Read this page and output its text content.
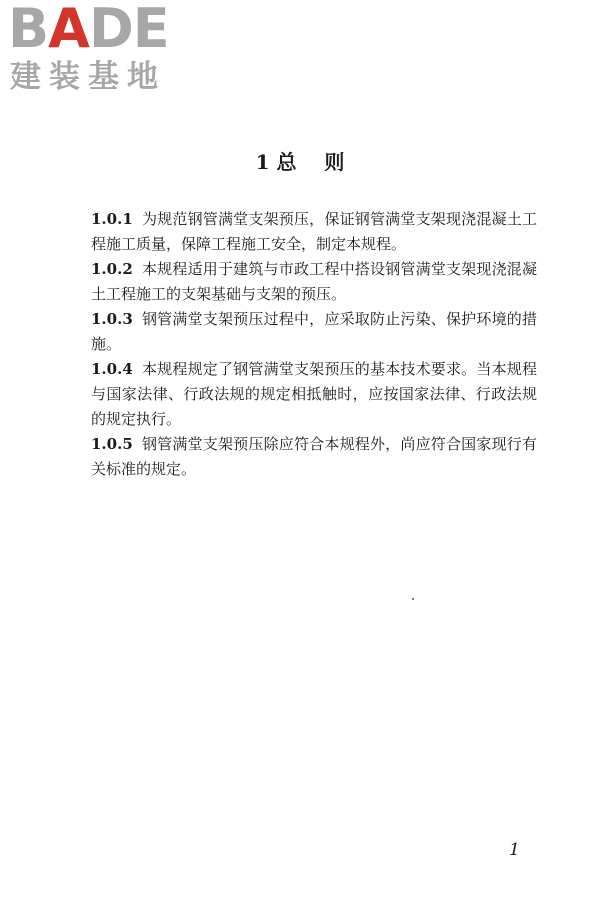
BADE
建装基地
1 总    则
1.0.1 为规范钢管满堂支架预压，保证钢管满堂支架现浇混凝土工程施工质量，保障工程施工安全，制定本规程。
1.0.2 本规程适用于建筑与市政工程中搭设钢管满堂支架现浇混凝土工程施工的支架基础与支架的预压。
1.0.3 钢管满堂支架预压过程中，应采取防止污染、保护环境的措施。
1.0.4 本规程规定了钢管满堂支架预压的基本技术要求。当本规程与国家法律、行政法规的规定相抵触时，应按国家法律、行政法规的规定执行。
1.0.5 钢管满堂支架预压除应符合本规程外，尚应符合国家现行有关标准的规定。
1
